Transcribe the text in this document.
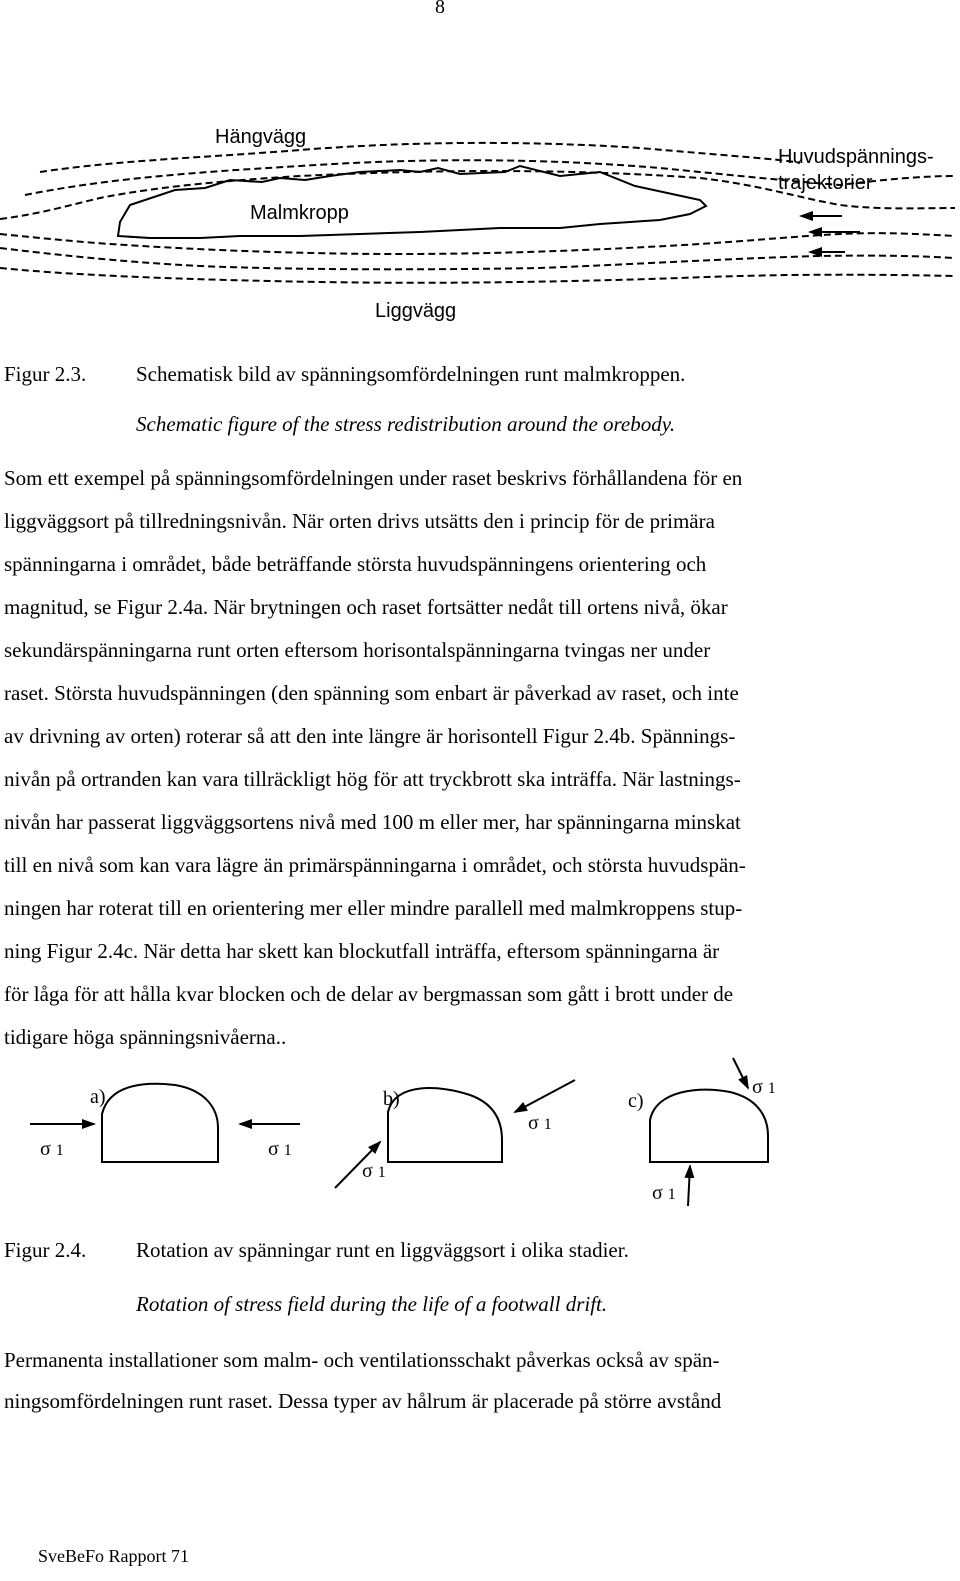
8
Hängvägg
Malmkropp
Liggvägg
Huvudspännings-
trajektorier
Figur 2.3. Schematisk bild av spänningsomfördelningen runt malmkroppen.
Schematic figure of the stress redistribution around the orebody.
Som ett exempel på spänningsomfördelningen under raset beskrivs förhållandena för en
liggväggsort på tillredningsnivån. När orten drivs utsätts den i princip för de primära
spänningarna i området, både beträffande största huvudspänningens orientering och
magnitud, se Figur 2.4a. När brytningen och raset fortsätter nedåt till ortens nivå, ökar
sekundärspänningarna runt orten eftersom horisontalspänningarna tvingas ner under
raset. Största huvudspänningen (den spänning som enbart är påverkad av raset, och inte
av drivning av orten) roterar så att den inte längre är horisontell Figur 2.4b. Spännings-
nivån på ortranden kan vara tillräckligt hög för att tryckbrott ska inträffa. När lastnings-
nivån har passerat liggväggsortens nivå med 100 m eller mer, har spänningarna minskat
till en nivå som kan vara lägre än primärspänningarna i området, och största huvudspän-
ningen har roterat till en orientering mer eller mindre parallell med malmkroppens stup-
ning Figur 2.4c. När detta har skett kan blockutfall inträffa, eftersom spänningarna är
för låga för att hålla kvar blocken och de delar av bergmassan som gått i brott under de
tidigare höga spänningsnivåerna..
a)	b)	c)
σ 1	σ 1
σ 1
σ 1
σ 1
σ 1
Figur 2.4. Rotation av spänningar runt en liggväggsort i olika stadier.
Rotation of stress field during the life of a footwall drift.
Permanenta installationer som malm- och ventilationsschakt påverkas också av spän-
ningsomfördelningen runt raset. Dessa typer av hålrum är placerade på större avstånd
SveBeFo Rapport 71
